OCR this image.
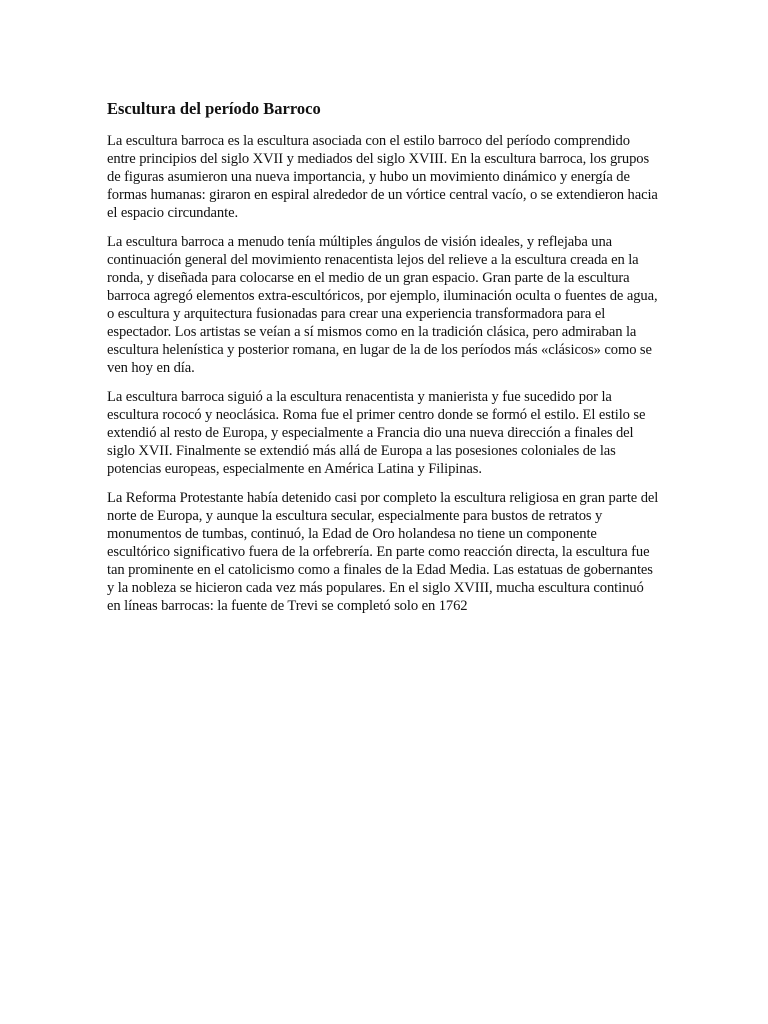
Escultura del período Barroco

La escultura barroca es la escultura asociada con el estilo barroco del período comprendido entre principios del siglo XVII y mediados del siglo XVIII. En la escultura barroca, los grupos de figuras asumieron una nueva importancia, y hubo un movimiento dinámico y energía de formas humanas: giraron en espiral alrededor de un vórtice central vacío, o se extendieron hacia el espacio circundante.

La escultura barroca a menudo tenía múltiples ángulos de visión ideales, y reflejaba una continuación general del movimiento renacentista lejos del relieve a la escultura creada en la ronda, y diseñada para colocarse en el medio de un gran espacio. Gran parte de la escultura barroca agregó elementos extra-escultóricos, por ejemplo, iluminación oculta o fuentes de agua, o escultura y arquitectura fusionadas para crear una experiencia transformadora para el espectador. Los artistas se veían a sí mismos como en la tradición clásica, pero admiraban la escultura helenística y posterior romana, en lugar de la de los períodos más «clásicos» como se ven hoy en día.

La escultura barroca siguió a la escultura renacentista y manierista y fue sucedido por la escultura rococó y neoclásica. Roma fue el primer centro donde se formó el estilo. El estilo se extendió al resto de Europa, y especialmente a Francia dio una nueva dirección a finales del siglo XVII. Finalmente se extendió más allá de Europa a las posesiones coloniales de las potencias europeas, especialmente en América Latina y Filipinas.

La Reforma Protestante había detenido casi por completo la escultura religiosa en gran parte del norte de Europa, y aunque la escultura secular, especialmente para bustos de retratos y monumentos de tumbas, continuó, la Edad de Oro holandesa no tiene un componente escultórico significativo fuera de la orfebrería. En parte como reacción directa, la escultura fue tan prominente en el catolicismo como a finales de la Edad Media. Las estatuas de gobernantes y la nobleza se hicieron cada vez más populares. En el siglo XVIII, mucha escultura continuó en líneas barrocas: la fuente de Trevi se completó solo en 1762
